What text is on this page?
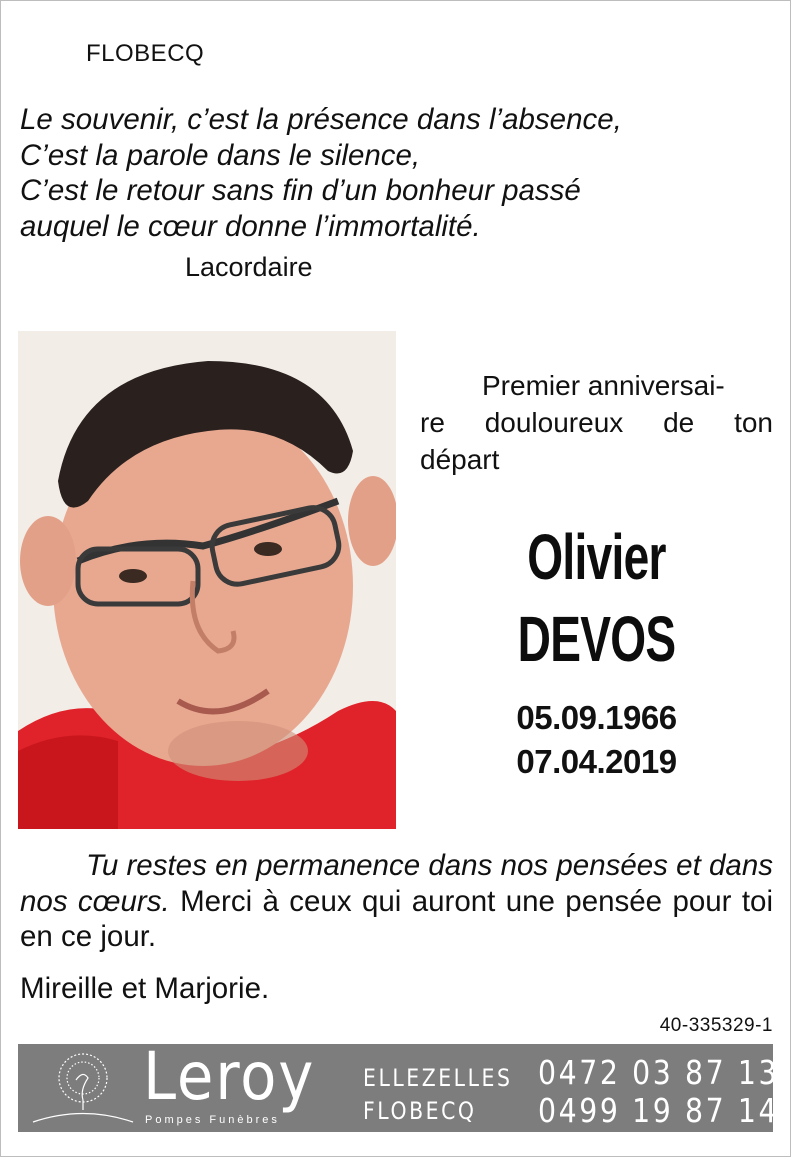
FLOBECQ
Le souvenir, c’est la présence dans l’absence,
C’est la parole dans le silence,
C’est le retour sans fin d’un bonheur passé
auquel le cœur donne l’immortalité.
Lacordaire
Premier anniversai-
re douloureux de ton
départ
Olivier
DEVOS
05.09.1966
07.04.2019

Tu restes en permanence dans nos pensées et dans nos cœurs. Merci à ceux qui auront une pensée pour toi en ce jour.

Mireille et Marjorie.
40-335329-1
Leroy
Pompes Funèbres
ELLEZELLES
FLOBECQ
0472 03 87 13
0499 19 87 14
